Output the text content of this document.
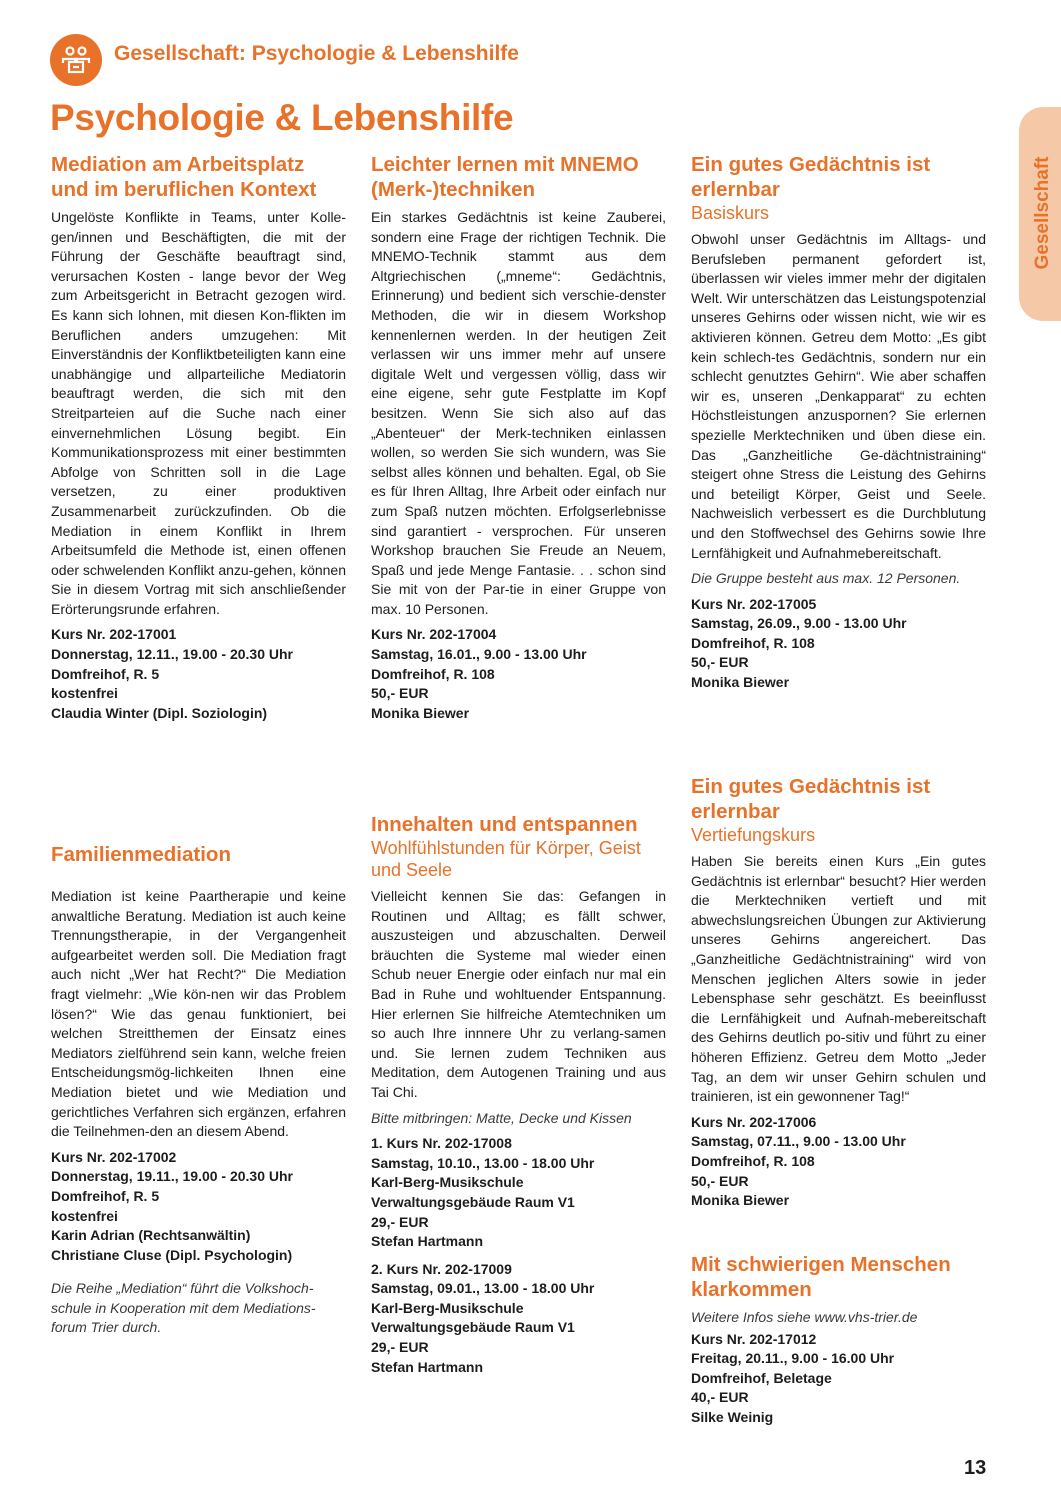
Gesellschaft: Psychologie & Lebenshilfe
Psychologie & Lebenshilfe
Gesellschaft
Mediation am Arbeitsplatz und im beruflichen Kontext

Ungelöste Konflikte in Teams, unter Kolle-gen/innen und Beschäftigten, die mit der Führung der Geschäfte beauftragt sind, verursachen Kosten - lange bevor der Weg zum Arbeitsgericht in Betracht gezogen wird. Es kann sich lohnen, mit diesen Kon-flikten im Beruflichen anders umzugehen: Mit Einverständnis der Konfliktbeteiligten kann eine unabhängige und allparteiliche Mediatorin beauftragt werden, die sich mit den Streitparteien auf die Suche nach einer einvernehmlichen Lösung begibt. Ein Kommunikationsprozess mit einer bestimmten Abfolge von Schritten soll in die Lage versetzen, zu einer produktiven Zusammenarbeit zurückzufinden. Ob die Mediation in einem Konflikt in Ihrem Arbeitsumfeld die Methode ist, einen offenen oder schwelenden Konflikt anzu-gehen, können Sie in diesem Vortrag mit sich anschließender Erörterungsrunde erfahren.

Kurs Nr. 202-17001
Donnerstag, 12.11., 19.00 - 20.30 Uhr
Domfreihof, R. 5
kostenfrei
Claudia Winter (Dipl. Soziologin)
Familienmediation

Mediation ist keine Paartherapie und keine anwaltliche Beratung. Mediation ist auch keine Trennungstherapie, in der Vergangenheit aufgearbeitet werden soll. Die Mediation fragt auch nicht „Wer hat Recht?“ Die Mediation fragt vielmehr: „Wie kön-nen wir das Problem lösen?“ Wie das genau funktioniert, bei welchen Streitthemen der Einsatz eines Mediators zielführend sein kann, welche freien Entscheidungsmög-lichkeiten Ihnen eine Mediation bietet und wie Mediation und gerichtliches Verfahren sich ergänzen, erfahren die Teilnehmen-den an diesem Abend.

Kurs Nr. 202-17002
Donnerstag, 19.11., 19.00 - 20.30 Uhr
Domfreihof, R. 5
kostenfrei
Karin Adrian (Rechtsanwältin)
Christiane Cluse (Dipl. Psychologin)

Die Reihe „Mediation“ führt die Volkshoch-schule in Kooperation mit dem Mediations-forum Trier durch.

Leichter lernen mit MNEMO (Merk-)techniken

Ein starkes Gedächtnis ist keine Zauberei, sondern eine Frage der richtigen Technik. Die MNEMO-Technik stammt aus dem Altgriechischen („mneme“: Gedächtnis, Erinnerung) und bedient sich verschie-denster Methoden, die wir in diesem Workshop kennenlernen werden. In der heutigen Zeit verlassen wir uns immer mehr auf unsere digitale Welt und vergessen völlig, dass wir eine eigene, sehr gute Festplatte im Kopf besitzen. Wenn Sie sich also auf das „Abenteuer“ der Merk-techniken einlassen wollen, so werden Sie sich wundern, was Sie selbst alles können und behalten. Egal, ob Sie es für Ihren Alltag, Ihre Arbeit oder einfach nur zum Spaß nutzen möchten. Erfolgserlebnisse sind garantiert - versprochen. Für unseren Workshop brauchen Sie Freude an Neuem, Spaß und jede Menge Fantasie. . . schon sind Sie mit von der Par-tie in einer Gruppe von max. 10 Personen.

Kurs Nr. 202-17004
Samstag, 16.01., 9.00 - 13.00 Uhr
Domfreihof, R. 108
50,- EUR
Monika Biewer
Innehalten und entspannen

Wohlfühlstunden für Körper, Geist und Seele

Vielleicht kennen Sie das: Gefangen in Routinen und Alltag; es fällt schwer, auszusteigen und abzuschalten. Derweil bräuchten die Systeme mal wieder einen Schub neuer Energie oder einfach nur mal ein Bad in Ruhe und wohltuender Entspannung. Hier erlernen Sie hilfreiche Atemtechniken um so auch Ihre innnere Uhr zu verlang-samen und. Sie lernen zudem Techniken aus Meditation, dem Autogenen Training und aus Tai Chi.

Bitte mitbringen: Matte, Decke und Kissen

1. Kurs Nr. 202-17008
Samstag, 10.10., 13.00 - 18.00 Uhr
Karl-Berg-Musikschule
Verwaltungsgebäude Raum V1
29,- EUR
Stefan Hartmann
2. Kurs Nr. 202-17009
Samstag, 09.01., 13.00 - 18.00 Uhr
Karl-Berg-Musikschule
Verwaltungsgebäude Raum V1
29,- EUR
Stefan Hartmann
Ein gutes Gedächtnis ist erlernbar

Basiskurs

Obwohl unser Gedächtnis im Alltags- und Berufsleben permanent gefordert ist, überlassen wir vieles immer mehr der digitalen Welt. Wir unterschätzen das Leistungspotenzial unseres Gehirns oder wissen nicht, wie wir es aktivieren können. Getreu dem Motto: „Es gibt kein schlech-tes Gedächtnis, sondern nur ein schlecht genutztes Gehirn“. Wie aber schaffen wir es, unseren „Denkapparat“ zu echten Höchstleistungen anzuspornen? Sie erlernen spezielle Merktechniken und üben diese ein. Das „Ganzheitliche Ge-dächtnistraining“ steigert ohne Stress die Leistung des Gehirns und beteiligt Körper, Geist und Seele. Nachweislich verbessert es die Durchblutung und den Stoffwechsel des Gehirns sowie Ihre Lernfähigkeit und Aufnahmebereitschaft.

Die Gruppe besteht aus max. 12 Personen.

Kurs Nr. 202-17005
Samstag, 26.09., 9.00 - 13.00 Uhr
Domfreihof, R. 108
50,- EUR
Monika Biewer
Ein gutes Gedächtnis ist erlernbar

Vertiefungskurs

Haben Sie bereits einen Kurs „Ein gutes Gedächtnis ist erlernbar“ besucht? Hier werden die Merktechniken vertieft und mit abwechslungsreichen Übungen zur Aktivierung unseres Gehirns angereichert. Das „Ganzheitliche Gedächtnistraining“ wird von Menschen jeglichen Alters sowie in jeder Lebensphase sehr geschätzt. Es beeinflusst die Lernfähigkeit und Aufnah-mebereitschaft des Gehirns deutlich po-sitiv und führt zu einer höheren Effizienz. Getreu dem Motto „Jeder Tag, an dem wir unser Gehirn schulen und trainieren, ist ein gewonnener Tag!“

Kurs Nr. 202-17006
Samstag, 07.11., 9.00 - 13.00 Uhr
Domfreihof, R. 108
50,- EUR
Monika Biewer
Mit schwierigen Menschen klarkommen

Weitere Infos siehe www.vhs-trier.de

Kurs Nr. 202-17012
Freitag, 20.11., 9.00 - 16.00 Uhr
Domfreihof, Beletage
40,- EUR
Silke Weinig
13
